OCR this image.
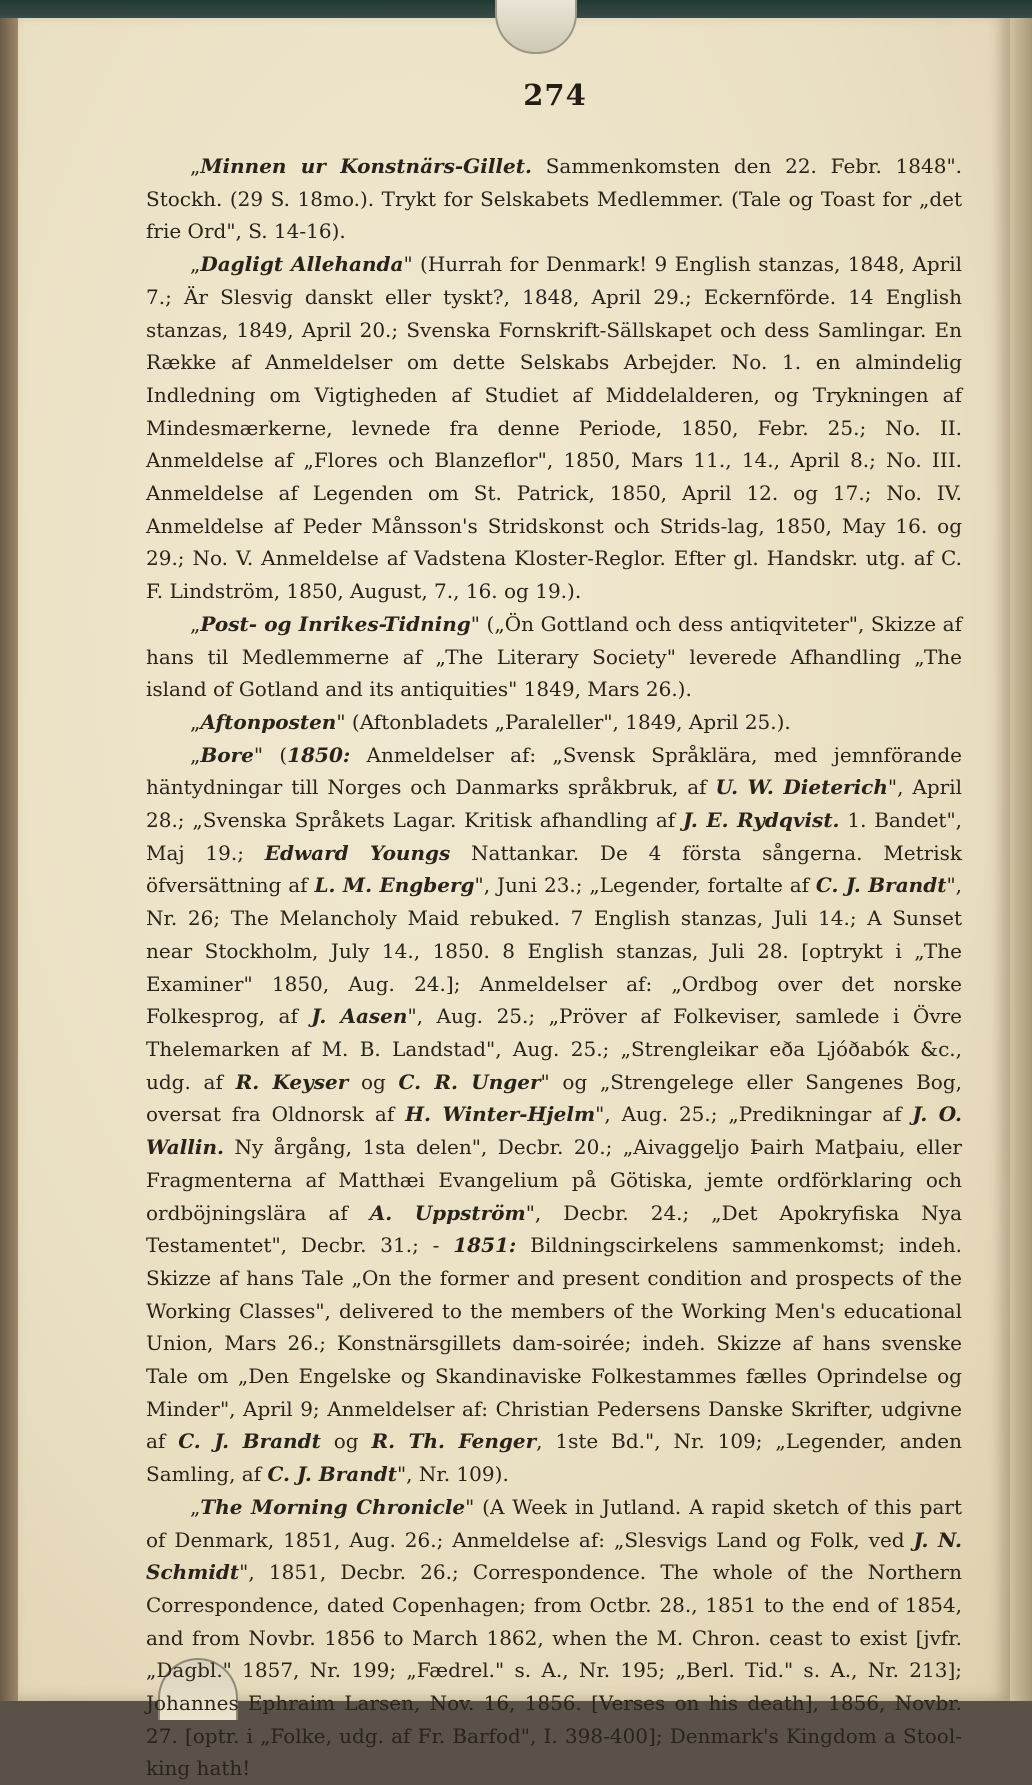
274

„Minnen ur Konstnärs-Gillet. Sammenkomsten den 22. Febr. 1848". Stockh. (29 S. 18mo.). Trykt for Selskabets Medlemmer. (Tale og Toast for „det frie Ord", S. 14-16).

„Dagligt Allehanda" (Hurrah for Denmark! 9 English stanzas, 1848, April 7.; Är Slesvig danskt eller tyskt?, 1848, April 29.; Eckernförde. 14 English stanzas, 1849, April 20.; Svenska Fornskrift-Sällskapet och dess Samlingar. En Række af Anmeldelser om dette Selskabs Arbejder. No. 1. en almindelig Indledning om Vigtigheden af Studiet af Middelalderen, og Trykningen af Mindesmærkerne, levnede fra denne Periode, 1850, Febr. 25.; No. II. Anmeldelse af „Flores och Blanzeflor", 1850, Mars 11., 14., April 8.; No. III. Anmeldelse af Legenden om St. Patrick, 1850, April 12. og 17.; No. IV. Anmeldelse af Peder Månsson's Stridskonst och Strids-lag, 1850, May 16. og 29.; No. V. Anmeldelse af Vadstena Kloster-Reglor. Efter gl. Handskr. utg. af C. F. Lindström, 1850, August, 7., 16. og 19.).

„Post- og Inrikes-Tidning" („Ön Gottland och dess antiqviteter", Skizze af hans til Medlemmerne af „The Literary Society" leverede Afhandling „The island of Gotland and its antiquities" 1849, Mars 26.).

„Aftonposten" (Aftonbladets „Paraleller", 1849, April 25.).

„Bore" (1850: Anmeldelser af: „Svensk Språklära, med jemnförande häntydningar till Norges och Danmarks språkbruk, af U. W. Dieterich", April 28.; „Svenska Språkets Lagar. Kritisk afhandling af J. E. Rydqvist. 1. Bandet", Maj 19.; Edward Youngs Nattankar. De 4 första sångerna. Metrisk öfversättning af L. M. Engberg", Juni 23.; „Legender, fortalte af C. J. Brandt", Nr. 26; The Melancholy Maid rebuked. 7 English stanzas, Juli 14.; A Sunset near Stockholm, July 14., 1850. 8 English stanzas, Juli 28. [optrykt i „The Examiner" 1850, Aug. 24.]; Anmeldelser af: „Ordbog over det norske Folkesprog, af J. Aasen", Aug. 25.; „Pröver af Folkeviser, samlede i Övre Thelemarken af M. B. Landstad", Aug. 25.; „Strengleikar eða Ljóðabók &c., udg. af R. Keyser og C. R. Unger" og „Strengelege eller Sangenes Bog, oversat fra Oldnorsk af H. Winter-Hjelm", Aug. 25.; „Predikningar af J. O. Wallin. Ny årgång, 1sta delen", Decbr. 20.; „Aivaggeljo Þairh Matþaiu, eller Fragmenterna af Matthæi Evangelium på Götiska, jemte ordförklaring och ordböjningslära af A. Uppström", Decbr. 24.; „Det Apokryfiska Nya Testamentet", Decbr. 31.; - 1851: Bildningscirkelens sammenkomst; indeh. Skizze af hans Tale „On the former and present condition and prospects of the Working Classes", delivered to the members of the Working Men's educational Union, Mars 26.; Konstnärsgillets dam-soirée; indeh. Skizze af hans svenske Tale om „Den Engelske og Skandinaviske Folkestammes fælles Oprindelse og Minder", April 9; Anmeldelser af: Christian Pedersens Danske Skrifter, udgivne af C. J. Brandt og R. Th. Fenger, 1ste Bd.", Nr. 109; „Legender, anden Samling, af C. J. Brandt", Nr. 109).

„The Morning Chronicle" (A Week in Jutland. A rapid sketch of this part of Denmark, 1851, Aug. 26.; Anmeldelse af: „Slesvigs Land og Folk, ved J. N. Schmidt", 1851, Decbr. 26.; Correspondence. The whole of the Northern Correspondence, dated Copenhagen; from Octbr. 28., 1851 to the end of 1854, and from Novbr. 1856 to March 1862, when the M. Chron. ceast to exist [jvfr. „Dagbl." 1857, Nr. 199; „Fædrel." s. A., Nr. 195; „Berl. Tid." s. A., Nr. 213]; Johannes Ephraim Larsen, Nov. 16, 1856. [Verses on his death], 1856, Novbr. 27. [optr. i „Folke, udg. af Fr. Barfod", I. 398-400]; Denmark's Kingdom a Stool-king hath!
